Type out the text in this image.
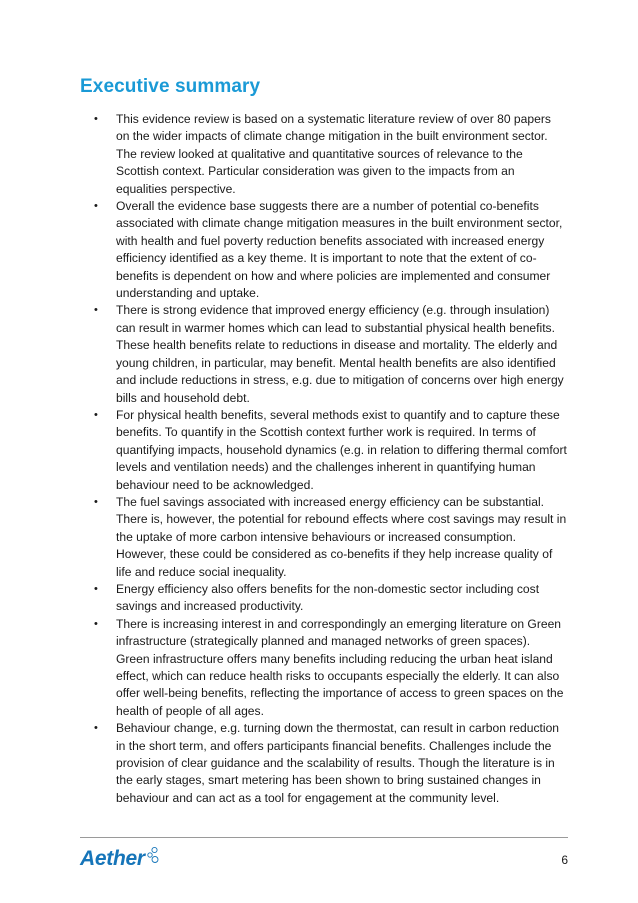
Executive summary
• This evidence review is based on a systematic literature review of over 80 papers on the wider impacts of climate change mitigation in the built environment sector. The review looked at qualitative and quantitative sources of relevance to the Scottish context. Particular consideration was given to the impacts from an equalities perspective.
• Overall the evidence base suggests there are a number of potential co-benefits associated with climate change mitigation measures in the built environment sector, with health and fuel poverty reduction benefits associated with increased energy efficiency identified as a key theme. It is important to note that the extent of co-benefits is dependent on how and where policies are implemented and consumer understanding and uptake.
• There is strong evidence that improved energy efficiency (e.g. through insulation) can result in warmer homes which can lead to substantial physical health benefits. These health benefits relate to reductions in disease and mortality. The elderly and young children, in particular, may benefit. Mental health benefits are also identified and include reductions in stress, e.g. due to mitigation of concerns over high energy bills and household debt.
• For physical health benefits, several methods exist to quantify and to capture these benefits. To quantify in the Scottish context further work is required. In terms of quantifying impacts, household dynamics (e.g. in relation to differing thermal comfort levels and ventilation needs) and the challenges inherent in quantifying human behaviour need to be acknowledged.
• The fuel savings associated with increased energy efficiency can be substantial. There is, however, the potential for rebound effects where cost savings may result in the uptake of more carbon intensive behaviours or increased consumption. However, these could be considered as co-benefits if they help increase quality of life and reduce social inequality.
• Energy efficiency also offers benefits for the non-domestic sector including cost savings and increased productivity.
• There is increasing interest in and correspondingly an emerging literature on Green infrastructure (strategically planned and managed networks of green spaces). Green infrastructure offers many benefits including reducing the urban heat island effect, which can reduce health risks to occupants especially the elderly. It can also offer well-being benefits, reflecting the importance of access to green spaces on the health of people of all ages.
• Behaviour change, e.g. turning down the thermostat, can result in carbon reduction in the short term, and offers participants financial benefits. Challenges include the provision of clear guidance and the scalability of results. Though the literature is in the early stages, smart metering has been shown to bring sustained changes in behaviour and can act as a tool for engagement at the community level.
Aether	6
